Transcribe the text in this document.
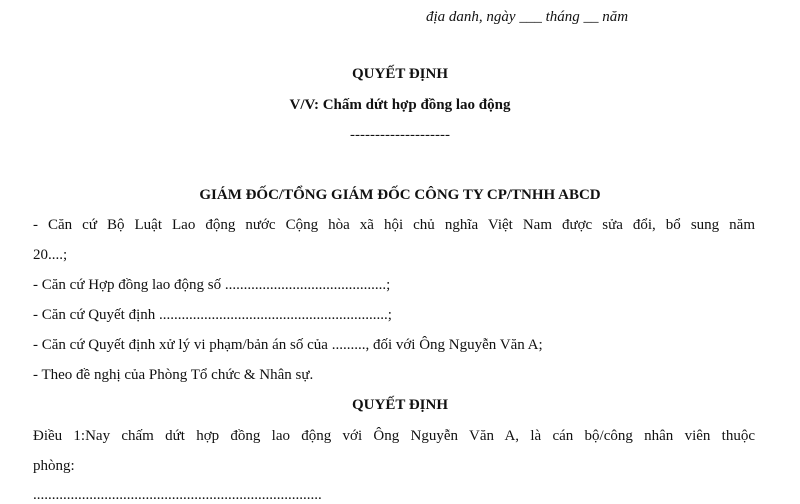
địa danh, ngày ___ tháng __ năm
QUYẾT ĐỊNH
V/V: Chấm dứt hợp đồng lao động
--------------------
GIÁM ĐỐC/TỔNG GIÁM ĐỐC CÔNG TY CP/TNHH ABCD
- Căn cứ Bộ Luật Lao động nước Cộng hòa xã hội chủ nghĩa Việt Nam được sửa đổi, bổ sung năm
20....;
- Căn cứ Hợp đồng lao động số ...........................................;
- Căn cứ Quyết định .............................................................;
- Căn cứ Quyết định xử lý vi phạm/bản án số của ........., đối với Ông Nguyễn Văn A;
- Theo đề nghị của Phòng Tổ chức & Nhân sự.
QUYẾT ĐỊNH
Điều 1:Nay chấm dứt hợp đồng lao động với Ông Nguyễn Văn A, là cán bộ/công nhân viên thuộc
phòng:
.............................................................................
